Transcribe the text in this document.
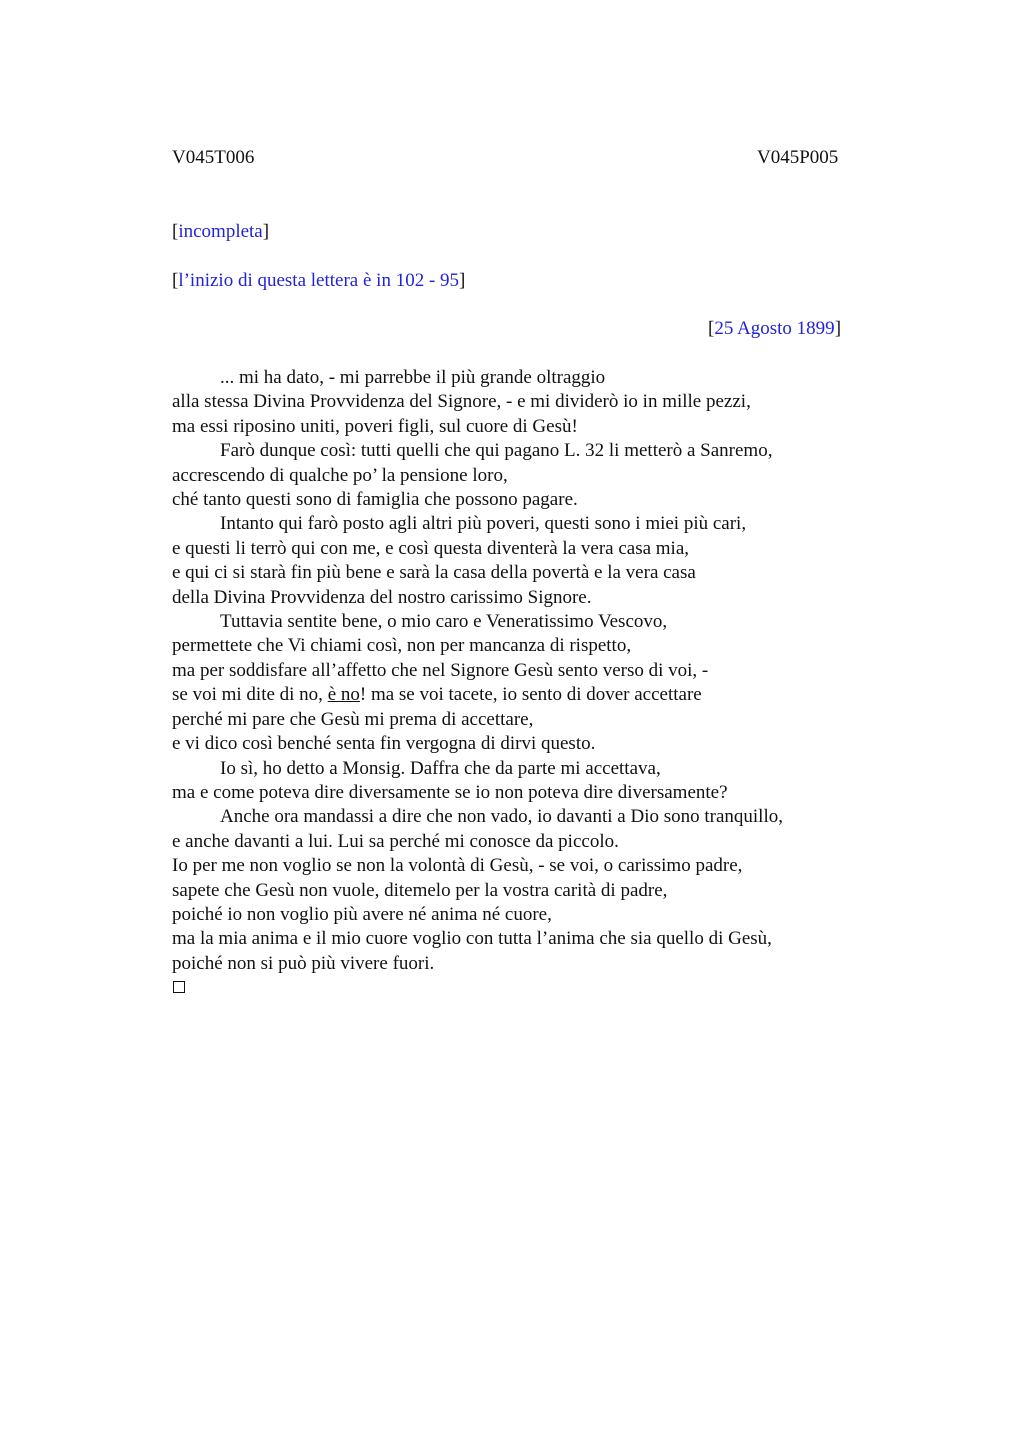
V045T006	V045P005
[incompleta]
[l’inizio di questa lettera è in 102 - 95]
[25 Agosto 1899]
... mi ha dato, - mi parrebbe il più grande oltraggio
alla stessa Divina Provvidenza del Signore, - e mi dividerò io in mille pezzi,
ma essi riposino uniti, poveri figli, sul cuore di Gesù!
Farò dunque così: tutti quelli che qui pagano L. 32 li metterò a Sanremo,
accrescendo di qualche po’ la pensione loro,
ché tanto questi sono di famiglia che possono pagare.
Intanto qui farò posto agli altri più poveri, questi sono i miei più cari,
e questi li terrò qui con me, e così questa diventerà la vera casa mia,
e qui ci si starà fin più bene e sarà la casa della povertà e la vera casa
della Divina Provvidenza del nostro carissimo Signore.
Tuttavia sentite bene, o mio caro e Veneratissimo Vescovo,
permettete che Vi chiami così, non per mancanza di rispetto,
ma per soddisfare all’affetto che nel Signore Gesù sento verso di voi, -
se voi mi dite di no, è no! ma se voi tacete, io sento di dover accettare
perché mi pare che Gesù mi prema di accettare,
e vi dico così benché senta fin vergogna di dirvi questo.
Io sì, ho detto a Monsig. Daffra che da parte mi accettava,
ma e come poteva dire diversamente se io non poteva dire diversamente?
Anche ora mandassi a dire che non vado, io davanti a Dio sono tranquillo,
e anche davanti a lui. Lui sa perché mi conosce da piccolo.
Io per me non voglio se non la volontà di Gesù, - se voi, o carissimo padre,
sapete che Gesù non vuole, ditemelo per la vostra carità di padre,
poiché io non voglio più avere né anima né cuore,
ma la mia anima e il mio cuore voglio con tutta l’anima che sia quello di Gesù,
poiché non si può più vivere fuori.
